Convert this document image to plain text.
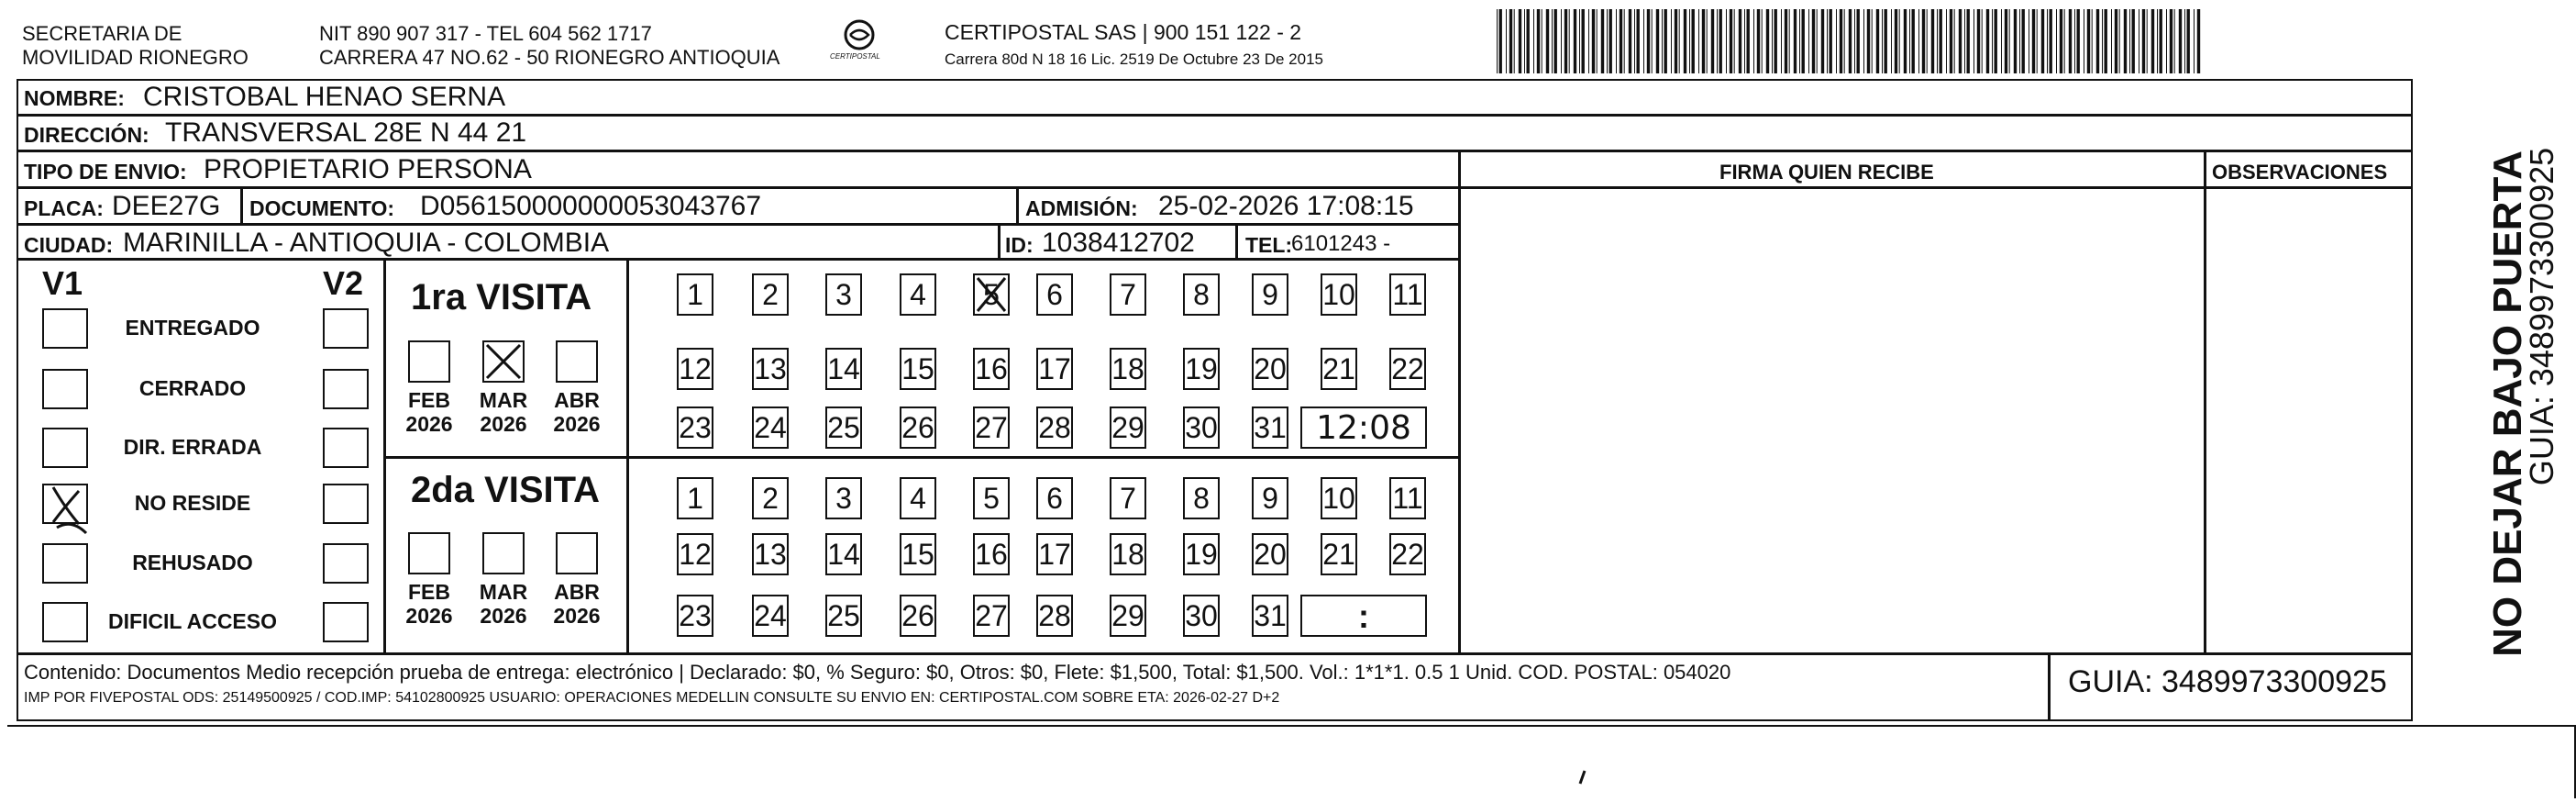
SECRETARIA DE
MOVILIDAD RIONEGRO
NIT 890 907 317 - TEL 604 562 1717
CARRERA 47 NO.62 - 50 RIONEGRO ANTIOQUIA	CERTIPOSTAL
CERTIPOSTAL SAS | 900 151 122 - 2
Carrera 80d N 18 16 Lic. 2519 De Octubre 23 De 2015
NOMBRE: CRISTOBAL HENAO SERNA
DIRECCIÓN: TRANSVERSAL 28E N 44 21
TIPO DE ENVIO: PROPIETARIO PERSONA	FIRMA QUIEN RECIBE	OBSERVACIONES
PLACA: DEE27G DOCUMENTO: D056150000000053043767	ADMISIÓN: 25-02-2026 17:08:15
CIUDAD: MARINILLA - ANTIOQUIA - COLOMBIA	ID: 1038412702 TEL:
6101243 -
V1	V2
ENTREGADO
CERRADO
DIR. ERRADA
NO RESIDE
REHUSADO
DIFICIL ACCESO
1ra VISITA
2da VISITA
FEB
2026
MAR
2026
ABR
2026
1 2 3 4 5 6 7 8 9 10 11
12 13 14 15 16 17 18 19 20 21 22
23 24 25 26 27 28 29 30 31 12:08
FEB
2026
MAR
2026
ABR
2026
1 2 3 4 5 6 7 8 9 10 11
12 13 14 15 16 17 18 19 20 21 22
23 24 25 26 27 28 29 30 31	:
Contenido: Documentos Medio recepción prueba de entrega: electrónico | Declarado: $0, % Seguro: $0, Otros: $0, Flete: $1,500, Total: $1,500. Vol.: 1*1*1. 0.5 1 Unid. COD. POSTAL: 054020
IMP POR FIVEPOSTAL ODS: 25149500925 / COD.IMP: 54102800925 USUARIO: OPERACIONES MEDELLIN CONSULTE SU ENVIO EN: CERTIPOSTAL.COM SOBRE ETA: 2026-02-27 D+2	GUIA: 3489973300925
NO DEJAR BAJO PUERTA
GUIA: 3489973300925
